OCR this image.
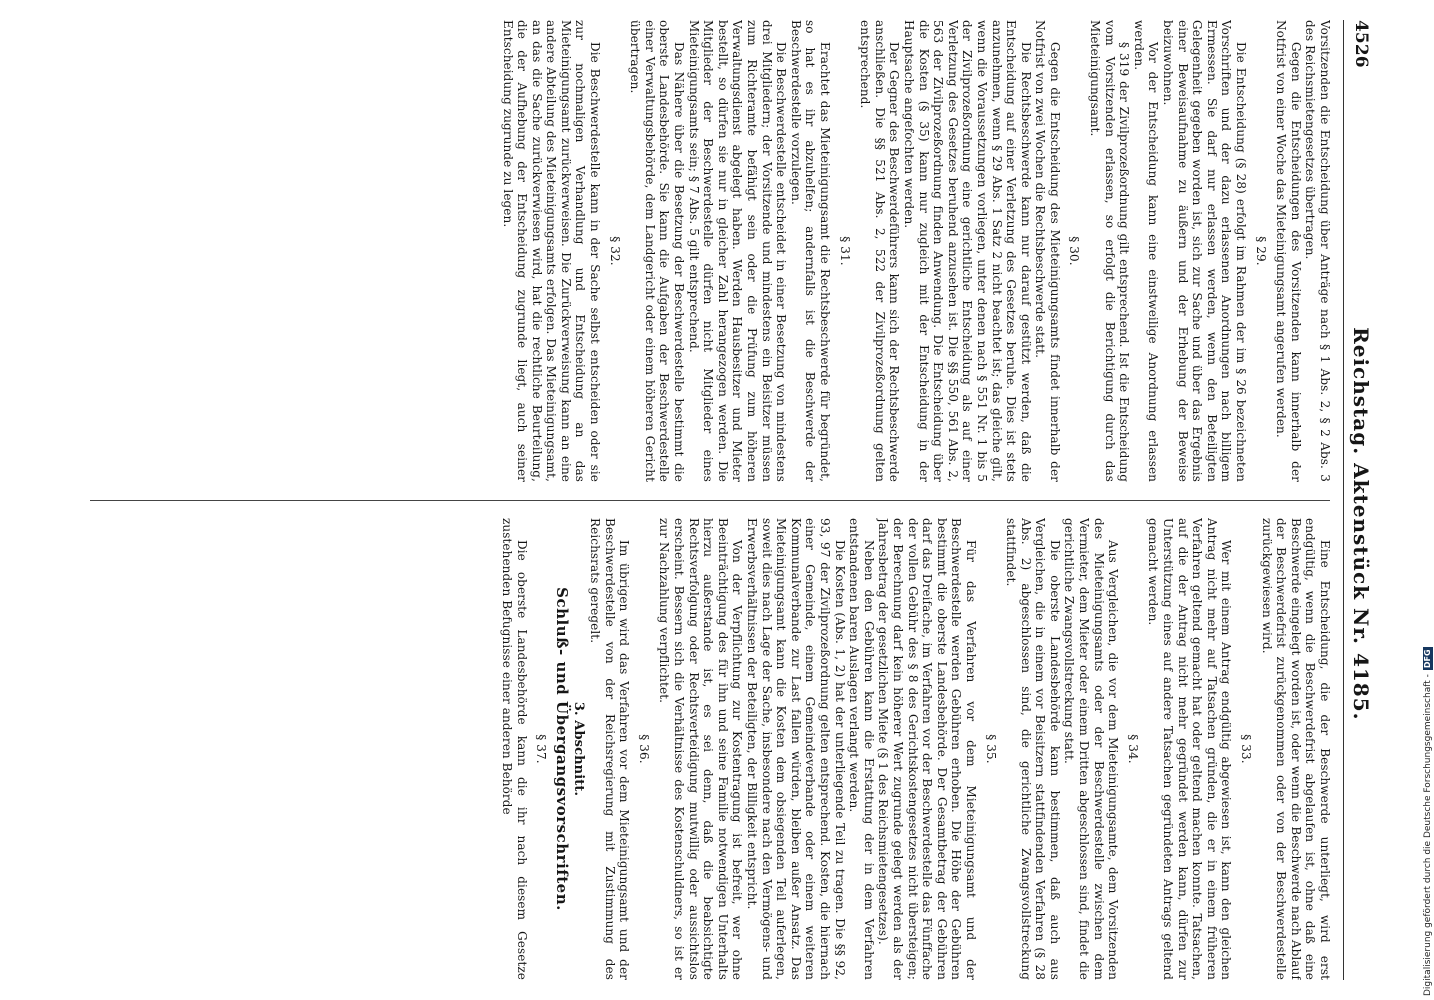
4526
Reichstag. Aktenstück Nr. 4185.

Vorsitzenden die Entscheidung über Anträge nach § 1 Abs. 2, § 2 Abs. 3 des Reichsmietengesetzes übertragen.

Gegen die Entscheidungen des Vorsitzenden kann innerhalb der Notfrist von einer Woche das Mieteinigungsamt angerufen werden.

§ 29.

Die Entscheidung (§ 28) erfolgt im Rahmen der im § 26 bezeichneten Vorschriften und der dazu erlassenen Anordnungen nach billigem Ermessen. Sie darf nur erlassen werden, wenn den Beteiligten Gelegenheit gegeben worden ist, sich zur Sache und über das Ergebnis einer Beweisaufnahme zu äußern und der Erhebung der Beweise beizuwohnen.

Vor der Entscheidung kann eine einstweilige Anordnung erlassen werden.

§ 319 der Zivilprozeßordnung gilt entsprechend. Ist die Entscheidung vom Vorsitzenden erlassen, so erfolgt die Berichtigung durch das Mieteinigungsamt.

§ 30.

Gegen die Entscheidung des Mieteinigungsamts findet innerhalb der Notfrist von zwei Wochen die Rechtsbeschwerde statt.

Die Rechtsbeschwerde kann nur darauf gestützt werden, daß die Entscheidung auf einer Verletzung des Gesetzes beruhe. Dies ist stets anzunehmen, wenn § 29 Abs. 1 Satz 2 nicht beachtet ist; das gleiche gilt, wenn die Voraussetzungen vorliegen, unter denen nach § 551 Nr. 1 bis 5 der Zivilprozeßordnung eine gerichtliche Entscheidung als auf einer Verletzung des Gesetzes beruhend anzusehen ist. Die §§ 550, 561 Abs. 2, 563 der Zivilprozeßordnung finden Anwendung. Die Entscheidung über die Kosten (§ 35) kann nur zugleich mit der Entscheidung in der Hauptsache angefochten werden.

Der Gegner des Beschwerdeführers kann sich der Rechtsbeschwerde anschließen. Die §§ 521 Abs. 2, 522 der Zivilprozeßordnung gelten entsprechend.

§ 31.

Erachtet das Mieteinigungsamt die Rechtsbeschwerde für begründet, so hat es ihr abzuhelfen; andernfalls ist die Beschwerde der Beschwerdestelle vorzulegen.

Die Beschwerdestelle entscheidet in einer Besetzung von mindestens drei Mitgliedern; der Vorsitzende und mindestens ein Beisitzer müssen zum Richteramte befähigt sein oder die Prüfung zum höheren Verwaltungsdienst abgelegt haben. Werden Hausbesitzer und Mieter bestellt, so dürfen sie nur in gleicher Zahl herangezogen werden. Die Mitglieder der Beschwerdestelle dürfen nicht Mitglieder eines Mieteinigungsamts sein; § 7 Abs. 5 gilt entsprechend.

Das Nähere über die Besetzung der Beschwerdestelle bestimmt die oberste Landesbehörde. Sie kann die Aufgaben der Beschwerdestelle einer Verwaltungsbehörde, dem Landgericht oder einem höheren Gericht übertragen.

§ 32.

Die Beschwerdestelle kann in der Sache selbst entscheiden oder sie zur nochmaligen Verhandlung und Entscheidung an das Mieteinigungsamt zurückverweisen. Die Zurückverweisung kann an eine andere Abteilung des Mieteinigungsamts erfolgen. Das Mieteinigungsamt, an das die Sache zurückverwiesen wird, hat die rechtliche Beurteilung, die der Aufhebung der Entscheidung zugrunde liegt, auch seiner Entscheidung zugrunde zu legen.

Eine Entscheidung, die der Beschwerde unterliegt, wird erst endgültig, wenn die Beschwerdefrist abgelaufen ist, ohne daß eine Beschwerde eingelegt worden ist, oder wenn die Beschwerde nach Ablauf der Beschwerdefrist zurückgenommen oder von der Beschwerdestelle zurückgewiesen wird.

§ 33.

Wer mit einem Antrag endgültig abgewiesen ist, kann den gleichen Antrag nicht mehr auf Tatsachen gründen, die er in einem früheren Verfahren geltend gemacht hat oder geltend machen konnte. Tatsachen, auf die der Antrag nicht mehr gegründet werden kann, dürfen zur Unterstützung eines auf andere Tatsachen gegründeten Antrags geltend gemacht werden.

§ 34.

Aus Vergleichen, die vor dem Mieteinigungsamte, dem Vorsitzenden des Mieteinigungsamts oder der Beschwerdestelle zwischen dem Vermieter, dem Mieter oder einem Dritten abgeschlossen sind, findet die gerichtliche Zwangsvollstreckung statt.

Die oberste Landesbehörde kann bestimmen, daß auch aus Vergleichen, die in einem vor Beisitzern stattfindenden Verfahren (§ 28 Abs. 2) abgeschlossen sind, die gerichtliche Zwangsvollstreckung stattfindet.

§ 35.

Für das Verfahren vor dem Mieteinigungsamt und der Beschwerdestelle werden Gebühren erhoben. Die Höhe der Gebühren bestimmt die oberste Landesbehörde. Der Gesamtbetrag der Gebühren darf das Dreifache, im Verfahren vor der Beschwerdestelle das Fünffache der vollen Gebühr des § 8 des Gerichtskostengesetzes nicht übersteigen; der Berechnung darf kein höherer Wert zugrunde gelegt werden als der Jahresbetrag der gesetzlichen Miete (§ 1 des Reichsmietengesetzes).

Neben den Gebühren kann die Erstattung der in dem Verfahren entstandenen baren Auslagen verlangt werden.

Die Kosten (Abs. 1, 2) hat der unterliegende Teil zu tragen. Die §§ 92, 93, 97 der Zivilprozeßordnung gelten entsprechend. Kosten, die hiernach einer Gemeinde, einem Gemeindeverbande oder einem weiteren Kommunalverbande zur Last fallen würden, bleiben außer Ansatz. Das Mieteinigungsamt kann die Kosten dem obsiegenden Teil auferlegen, soweit dies nach Lage der Sache, insbesondere nach den Vermögens- und Erwerbsverhältnissen der Beteiligten, der Billigkeit entspricht.

Von der Verpflichtung zur Kostentragung ist befreit, wer ohne Beeinträchtigung des für ihn und seine Familie notwendigen Unterhalts hierzu außerstande ist, es sei denn, daß die beabsichtigte Rechtsverfolgung oder Rechtsverteidigung mutwillig oder aussichtslos erscheint. Bessern sich die Verhältnisse des Kostenschuldners, so ist er zur Nachzahlung verpflichtet.

§ 36.

Im übrigen wird das Verfahren vor dem Mieteinigungsamt und der Beschwerdestelle von der Reichsregierung mit Zustimmung des Reichsrats geregelt.

3. Abschnitt.
Schluß- und Übergangsvorschriften.
§ 37.

Die oberste Landesbehörde kann die ihr nach diesem Gesetze zustehenden Befugnisse einer anderen Behörde

Digitalisierung gefördert durch die Deutsche Forschungsgemeinschaft -
DFG
